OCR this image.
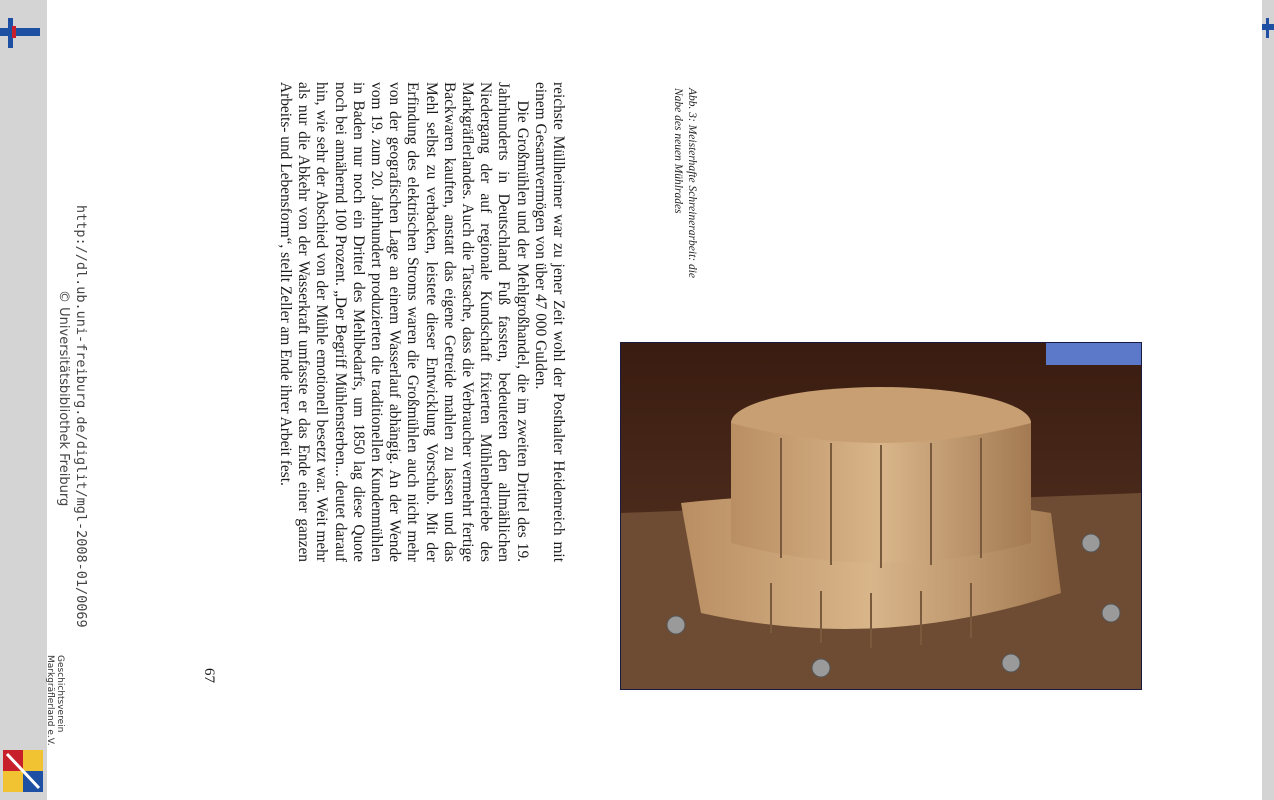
reichste Müllheimer war zu jener Zeit wohl der Posthalter Heidenreich mit einem Gesamtvermögen von über 47 000 Gulden.

Die Großmühlen und der Mehlgroßhandel, die im zweiten Drittel des 19. Jahrhunderts in Deutschland Fuß fassten, bedeuteten den allmählichen Niedergang der auf regionale Kundschaft fixierten Mühlenbetriebe des Markgräflerlandes. Auch die Tatsache, dass die Verbraucher vermehrt fertige Backwaren kauften, anstatt das eigene Getreide mahlen zu lassen und das Mehl selbst zu verbacken, leistete dieser Entwicklung Vorschub. Mit der Erfindung des elektrischen Stroms waren die Großmühlen auch nicht mehr von der geografischen Lage an einem Wasserlauf abhängig. An der Wende vom 19. zum 20. Jahrhundert produzierten die traditionellen Kundenmühlen in Baden nur noch ein Drittel des Mehlbedarfs, um 1850 lag diese Quote noch bei annähernd 100 Prozent. „Der Begriff Mühlensterben... deutet darauf hin, wie sehr der Abschied von der Mühle emotionell besetzt war. Weit mehr als nur die Abkehr von der Wasserkraft umfasste er das Ende einer ganzen Arbeits- und Lebensform“, stellt Zeller am Ende ihrer Arbeit fest.	Abb. 3: Meisterhafte Schreinerarbeit: die Nabe des neuen Mühlrades
67
http://dl.ub.uni-freiburg.de/diglit/mgl-2008-01/0069
© Universitätsbibliothek Freiburg
Geschichtsverein
Markgräflerland e.V.
